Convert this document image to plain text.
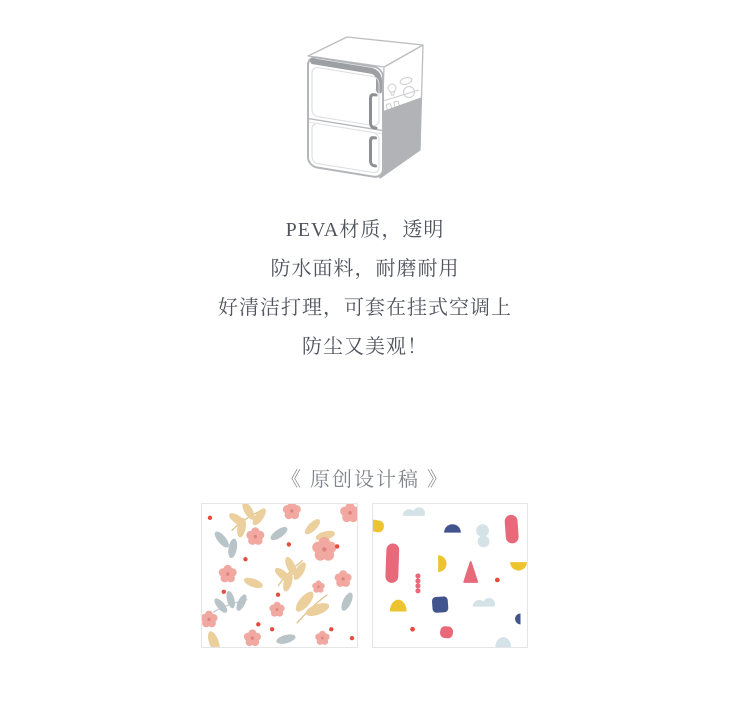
PEVA材质，透明

防水面料，耐磨耐用

好清洁打理，可套在挂式空调上

防尘又美观！

《 原创设计稿 》
